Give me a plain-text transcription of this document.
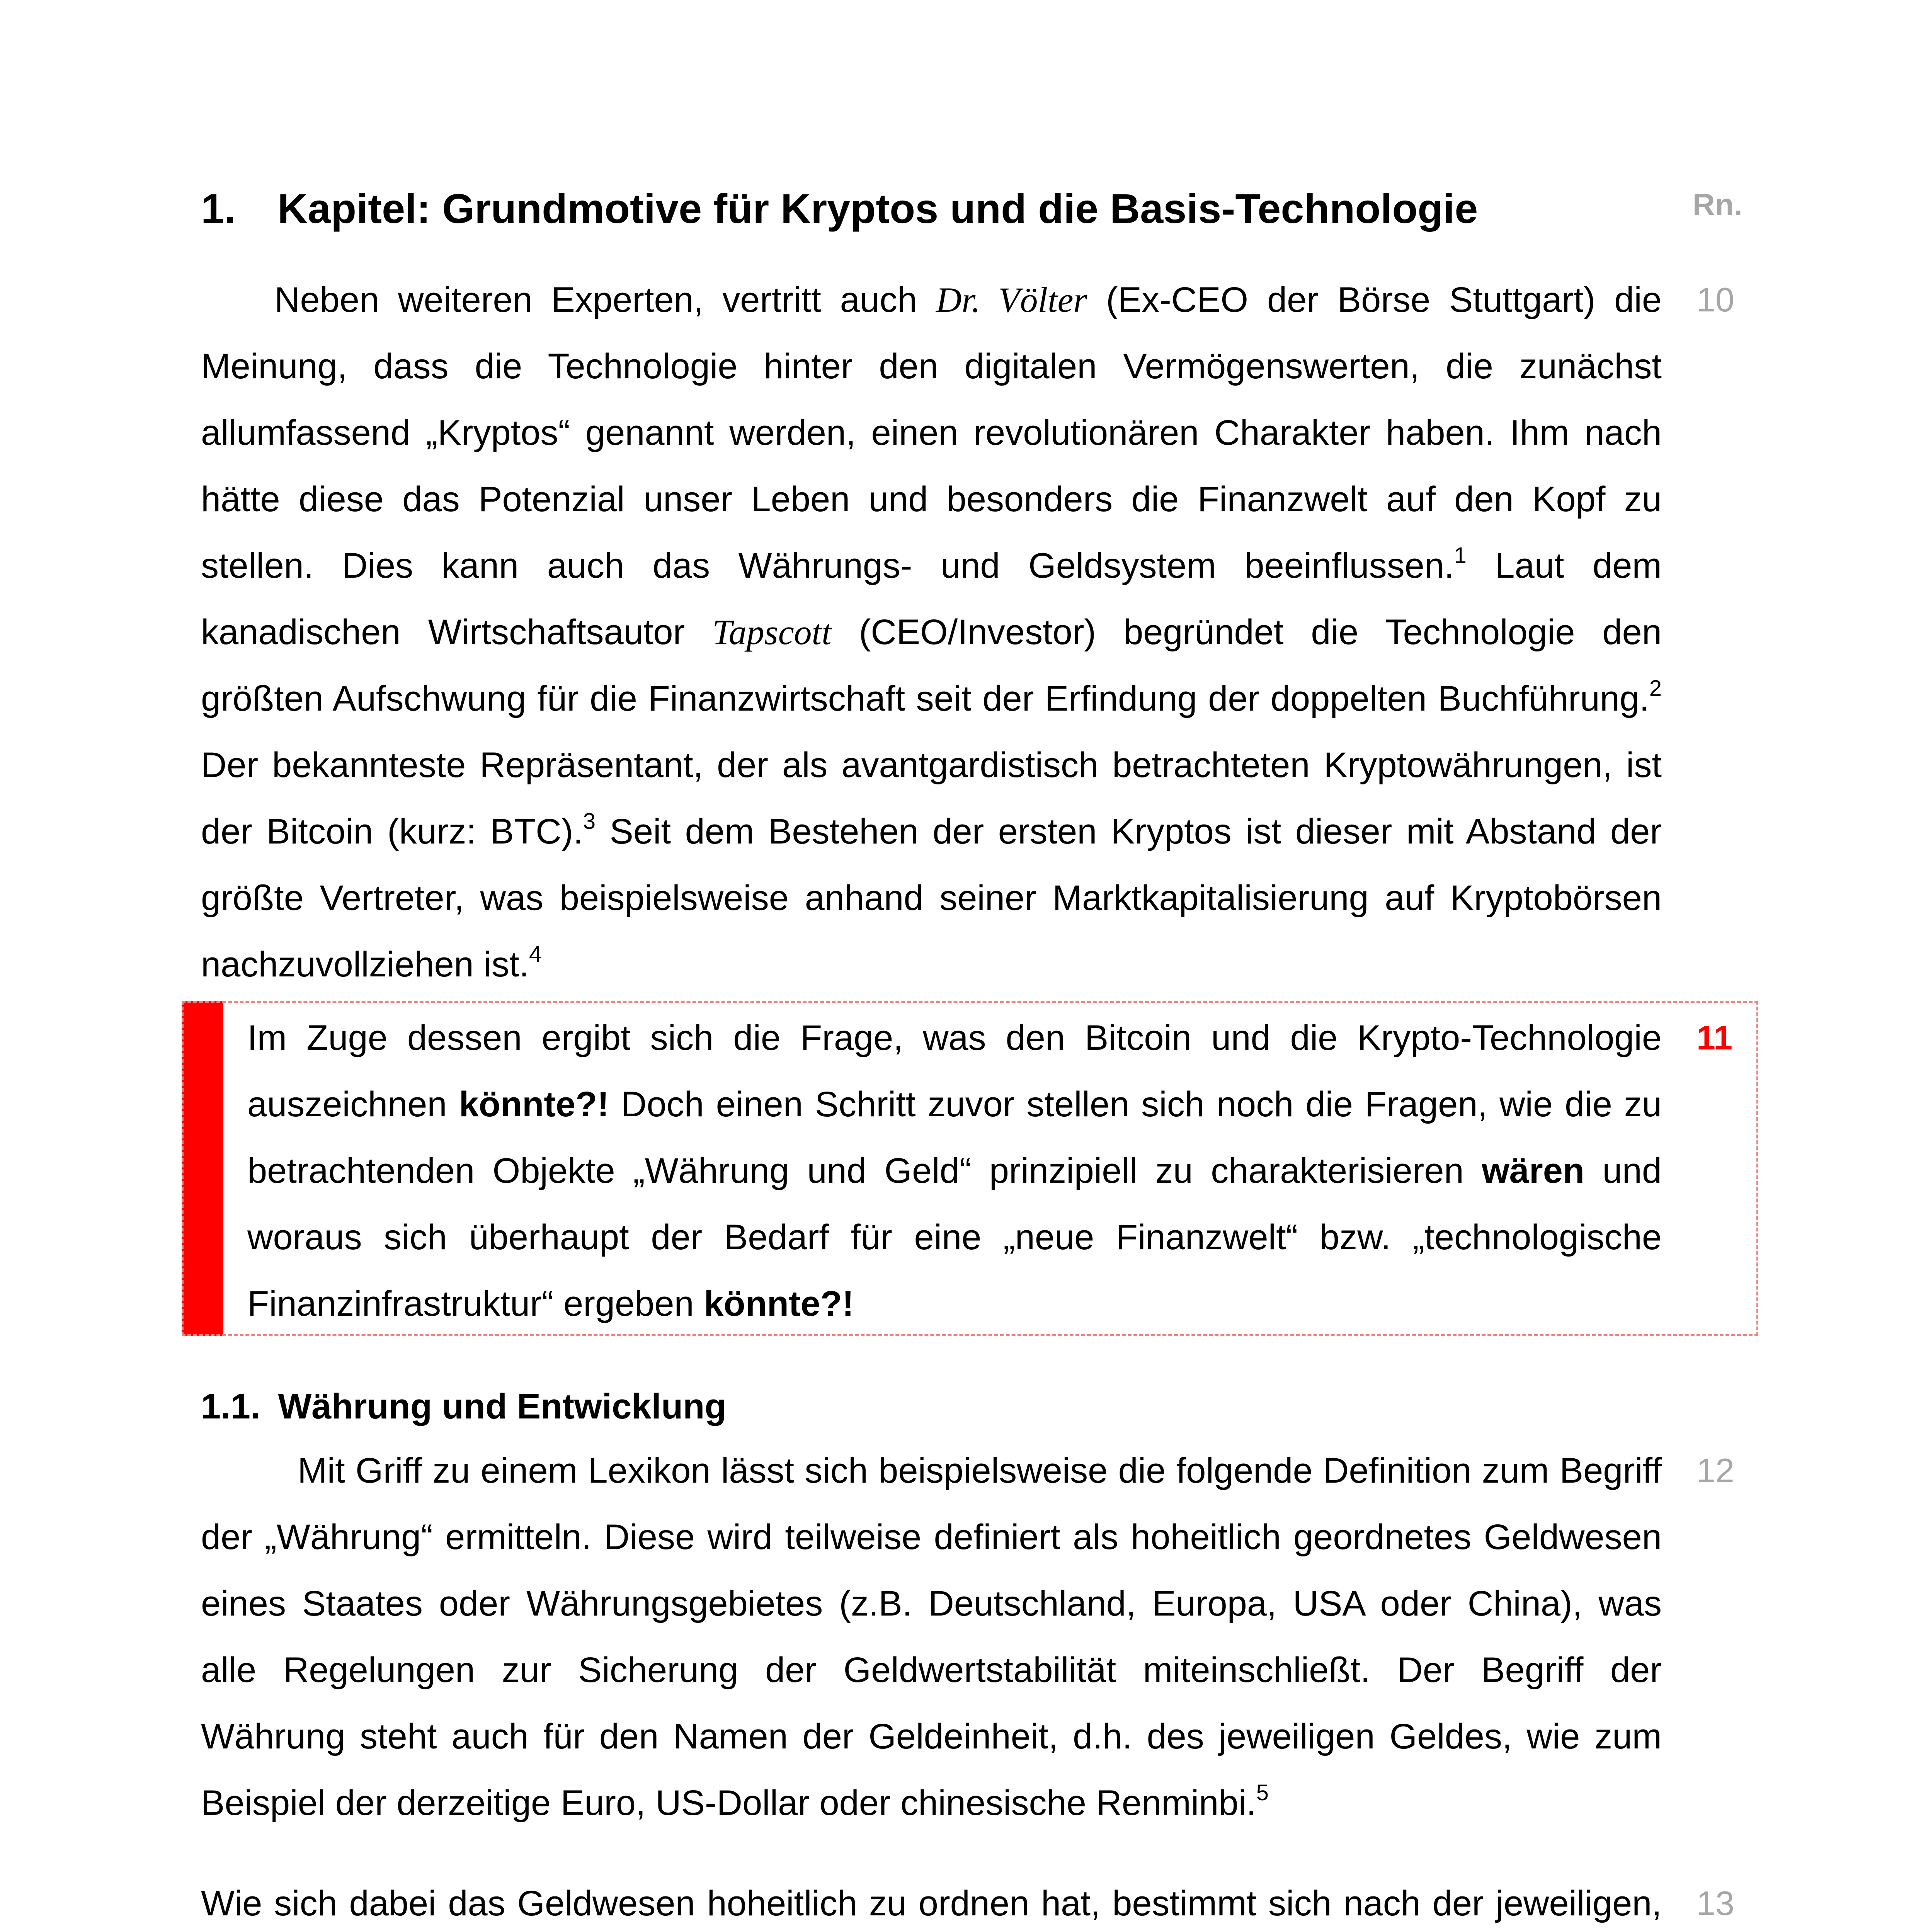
1. Kapitel: Grundmotive für Kryptos und die Basis-Technologie	Rn.
10

Neben weiteren Experten, vertritt auch Dr. Völter (Ex-CEO der Börse Stuttgart) die Meinung, dass die Technologie hinter den digitalen Vermögenswerten, die zunächst allumfassend „Kryptos“ genannt werden, einen revolutionären Charakter haben. Ihm nach hätte diese das Potenzial unser Leben und besonders die Finanzwelt auf den Kopf zu stellen. Dies kann auch das Währungs- und Geldsystem beeinflussen.$^1$ Laut dem kanadischen Wirtschaftsautor Tapscott (CEO/Investor) begründet die Technologie den größten Aufschwung für die Finanzwirtschaft seit der Erfindung der doppelten Buchführung.$^2$ Der bekannteste Repräsentant, der als avantgardistisch betrachteten Kryptowährungen, ist der Bitcoin (kurz: BTC).$^3$ Seit dem Bestehen der ersten Kryptos ist dieser mit Abstand der größte Vertreter, was beispielsweise anhand seiner Marktkapitalisierung auf Kryptobörsen nachzuvollziehen ist.$^4$

11

Im Zuge dessen ergibt sich die Frage, was den Bitcoin und die Krypto-Technologie auszeichnen könnte?! Doch einen Schritt zuvor stellen sich noch die Fragen, wie die zu betrachtenden Objekte „Währung und Geld“ prinzipiell zu charakterisieren wären und woraus sich überhaupt der Bedarf für eine „neue Finanzwelt“ bzw. „technologische Finanzinfrastruktur“ ergeben könnte?!

1.1. Währung und Entwicklung
12

Mit Griff zu einem Lexikon lässt sich beispielsweise die folgende Definition zum Begriff der „Währung“ ermitteln. Diese wird teilweise definiert als hoheitlich geordnetes Geldwesen eines Staates oder Währungsgebietes (z.B. Deutschland, Europa, USA oder China), was alle Regelungen zur Sicherung der Geldwertstabilität miteinschließt. Der Begriff der Währung steht auch für den Namen der Geldeinheit, d.h. des jeweiligen Geldes, wie zum Beispiel der derzeitige Euro, US-Dollar oder chinesische Renminbi.$^5$

13

Wie sich dabei das Geldwesen hoheitlich zu ordnen hat, bestimmt sich nach der jeweiligen,
